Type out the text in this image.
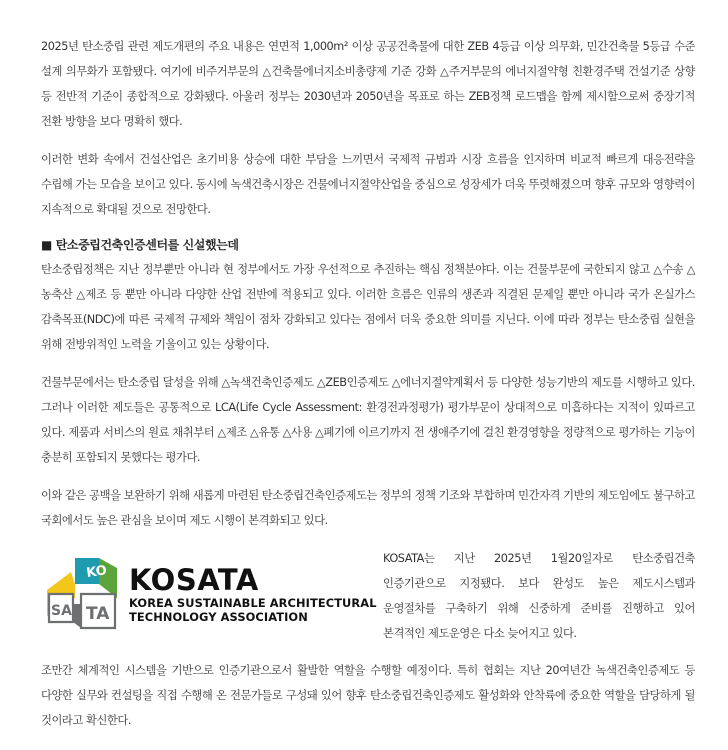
2025년 탄소중립 관련 제도개편의 주요 내용은 연면적 1,000m² 이상 공공건축물에 대한 ZEB 4등급 이상 의무화, 민간건축물 5등급 수준 설계 의무화가 포함됐다. 여기에 비주거부문의 △건축물에너지소비총량제 기준 강화 △주거부문의 에너지절약형 친환경주택 건설기준 상향 등 전반적 기준이 종합적으로 강화됐다. 아울러 정부는 2030년과 2050년을 목표로 하는 ZEB정책 로드맵을 함께 제시함으로써 중장기적 전환 방향을 보다 명확히 했다.

이러한 변화 속에서 건설산업은 초기비용 상승에 대한 부담을 느끼면서 국제적 규범과 시장 흐름을 인지하며 비교적 빠르게 대응전략을 수립해 가는 모습을 보이고 있다. 동시에 녹색건축시장은 건물에너지절약산업을 중심으로 성장세가 더욱 뚜렷해졌으며 향후 규모와 영향력이 지속적으로 확대될 것으로 전망한다.

■ 탄소중립건축인증센터를 신설했는데

탄소중립정책은 지난 정부뿐만 아니라 현 정부에서도 가장 우선적으로 추진하는 핵심 정책분야다. 이는 건물부문에 국한되지 않고 △수송 △농축산 △제조 등 뿐만 아니라 다양한 산업 전반에 적용되고 있다. 이러한 흐름은 인류의 생존과 직결된 문제일 뿐만 아니라 국가 온실가스 감축목표(NDC)에 따른 국제적 규제와 책임이 점차 강화되고 있다는 점에서 더욱 중요한 의미를 지닌다. 이에 따라 정부는 탄소중립 실현을 위해 전방위적인 노력을 기울이고 있는 상황이다.

건물부문에서는 탄소중립 달성을 위해 △녹색건축인증제도 △ZEB인증제도 △에너지절약계획서 등 다양한 성능기반의 제도를 시행하고 있다. 그러나 이러한 제도들은 공통적으로 LCA(Life Cycle Assessment: 환경전과정평가) 평가부문이 상대적으로 미흡하다는 지적이 있따르고 있다. 제품과 서비스의 원료 채취부터 △제조 △유통 △사용 △폐기에 이르기까지 전 생애주기에 걸친 환경영향을 정량적으로 평가하는 기능이 충분히 포함되지 못했다는 평가다.

이와 같은 공백을 보완하기 위해 새롭게 마련된 탄소중립건축인증제도는 정부의 정책 기조와 부합하며 민간자격 기반의 제도임에도 불구하고 국회에서도 높은 관심을 보이며 제도 시행이 본격화되고 있다.

KO
SA TA
KOSATA
KOREA SUSTAINABLE ARCHITECTURAL
TECHNOLOGY ASSOCIATION

KOSATA는 지난 2025년 1월20일자로 탄소중립건축 인증기관으로 지정됐다. 보다 완성도 높은 제도시스템과 운영절차를 구축하기 위해 신중하게 준비를 진행하고 있어 본격적인 제도운영은 다소 늦어지고 있다.

조만간 체계적인 시스템을 기반으로 인증기관으로서 활발한 역할을 수행할 예정이다. 특히 협회는 지난 20여년간 녹색건축인증제도 등 다양한 실무와 컨설팅을 직접 수행해 온 전문가들로 구성돼 있어 향후 탄소중립건축인증제도 활성화와 안착륙에 중요한 역할을 담당하게 될 것이라고 확신한다.
